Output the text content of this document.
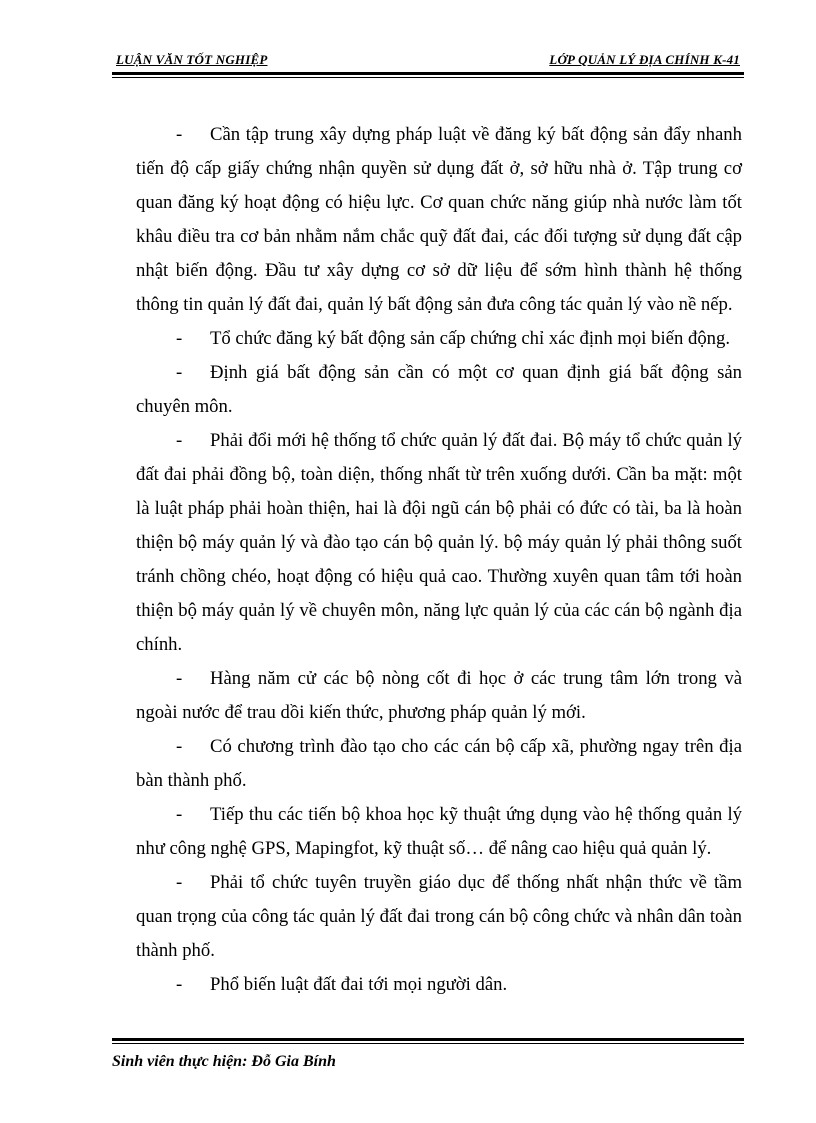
LUẬN VĂN TỐT NGHIỆP	LỚP QUẢN LÝ ĐỊA CHÍNH K-41

- Cần tập trung xây dựng pháp luật về đăng ký bất động sản đẩy nhanh tiến độ cấp giấy chứng nhận quyền sử dụng đất ở, sở hữu nhà ở. Tập trung cơ quan đăng ký hoạt động có hiệu lực. Cơ quan chức năng giúp nhà nước làm tốt khâu điều tra cơ bản nhằm nắm chắc quỹ đất đai, các đối tượng sử dụng đất cập nhật biến động. Đầu tư xây dựng cơ sở dữ liệu để sớm hình thành hệ thống thông tin quản lý đất đai, quản lý bất động sản đưa công tác quản lý vào nề nếp.

- Tổ chức đăng ký bất động sản cấp chứng chỉ xác định mọi biến động.

- Định giá bất động sản cần có một cơ quan định giá bất động sản chuyên môn.

- Phải đổi mới hệ thống tổ chức quản lý đất đai. Bộ máy tổ chức quản lý đất đai phải đồng bộ, toàn diện, thống nhất từ trên xuống dưới. Cần ba mặt: một là luật pháp phải hoàn thiện, hai là đội ngũ cán bộ phải có đức có tài, ba là hoàn thiện bộ máy quản lý và đào tạo cán bộ quản lý. bộ máy quản lý phải thông suốt tránh chồng chéo, hoạt động có hiệu quả cao. Thường xuyên quan tâm tới hoàn thiện bộ máy quản lý về chuyên môn, năng lực quản lý của các cán bộ ngành địa chính.

- Hàng năm cử các bộ nòng cốt đi học ở các trung tâm lớn trong và ngoài nước để trau dồi kiến thức, phương pháp quản lý mới.

- Có chương trình đào tạo cho các cán bộ cấp xã, phường ngay trên địa bàn thành phố.

- Tiếp thu các tiến bộ khoa học kỹ thuật ứng dụng vào hệ thống quản lý như công nghệ GPS, Mapingfot, kỹ thuật số… để nâng cao hiệu quả quản lý.

- Phải tổ chức tuyên truyền giáo dục để thống nhất nhận thức về tầm quan trọng của công tác quản lý đất đai trong cán bộ công chức và nhân dân toàn thành phố.

- Phổ biến luật đất đai tới mọi người dân.

Sinh viên thực hiện: Đỗ Gia Bính
